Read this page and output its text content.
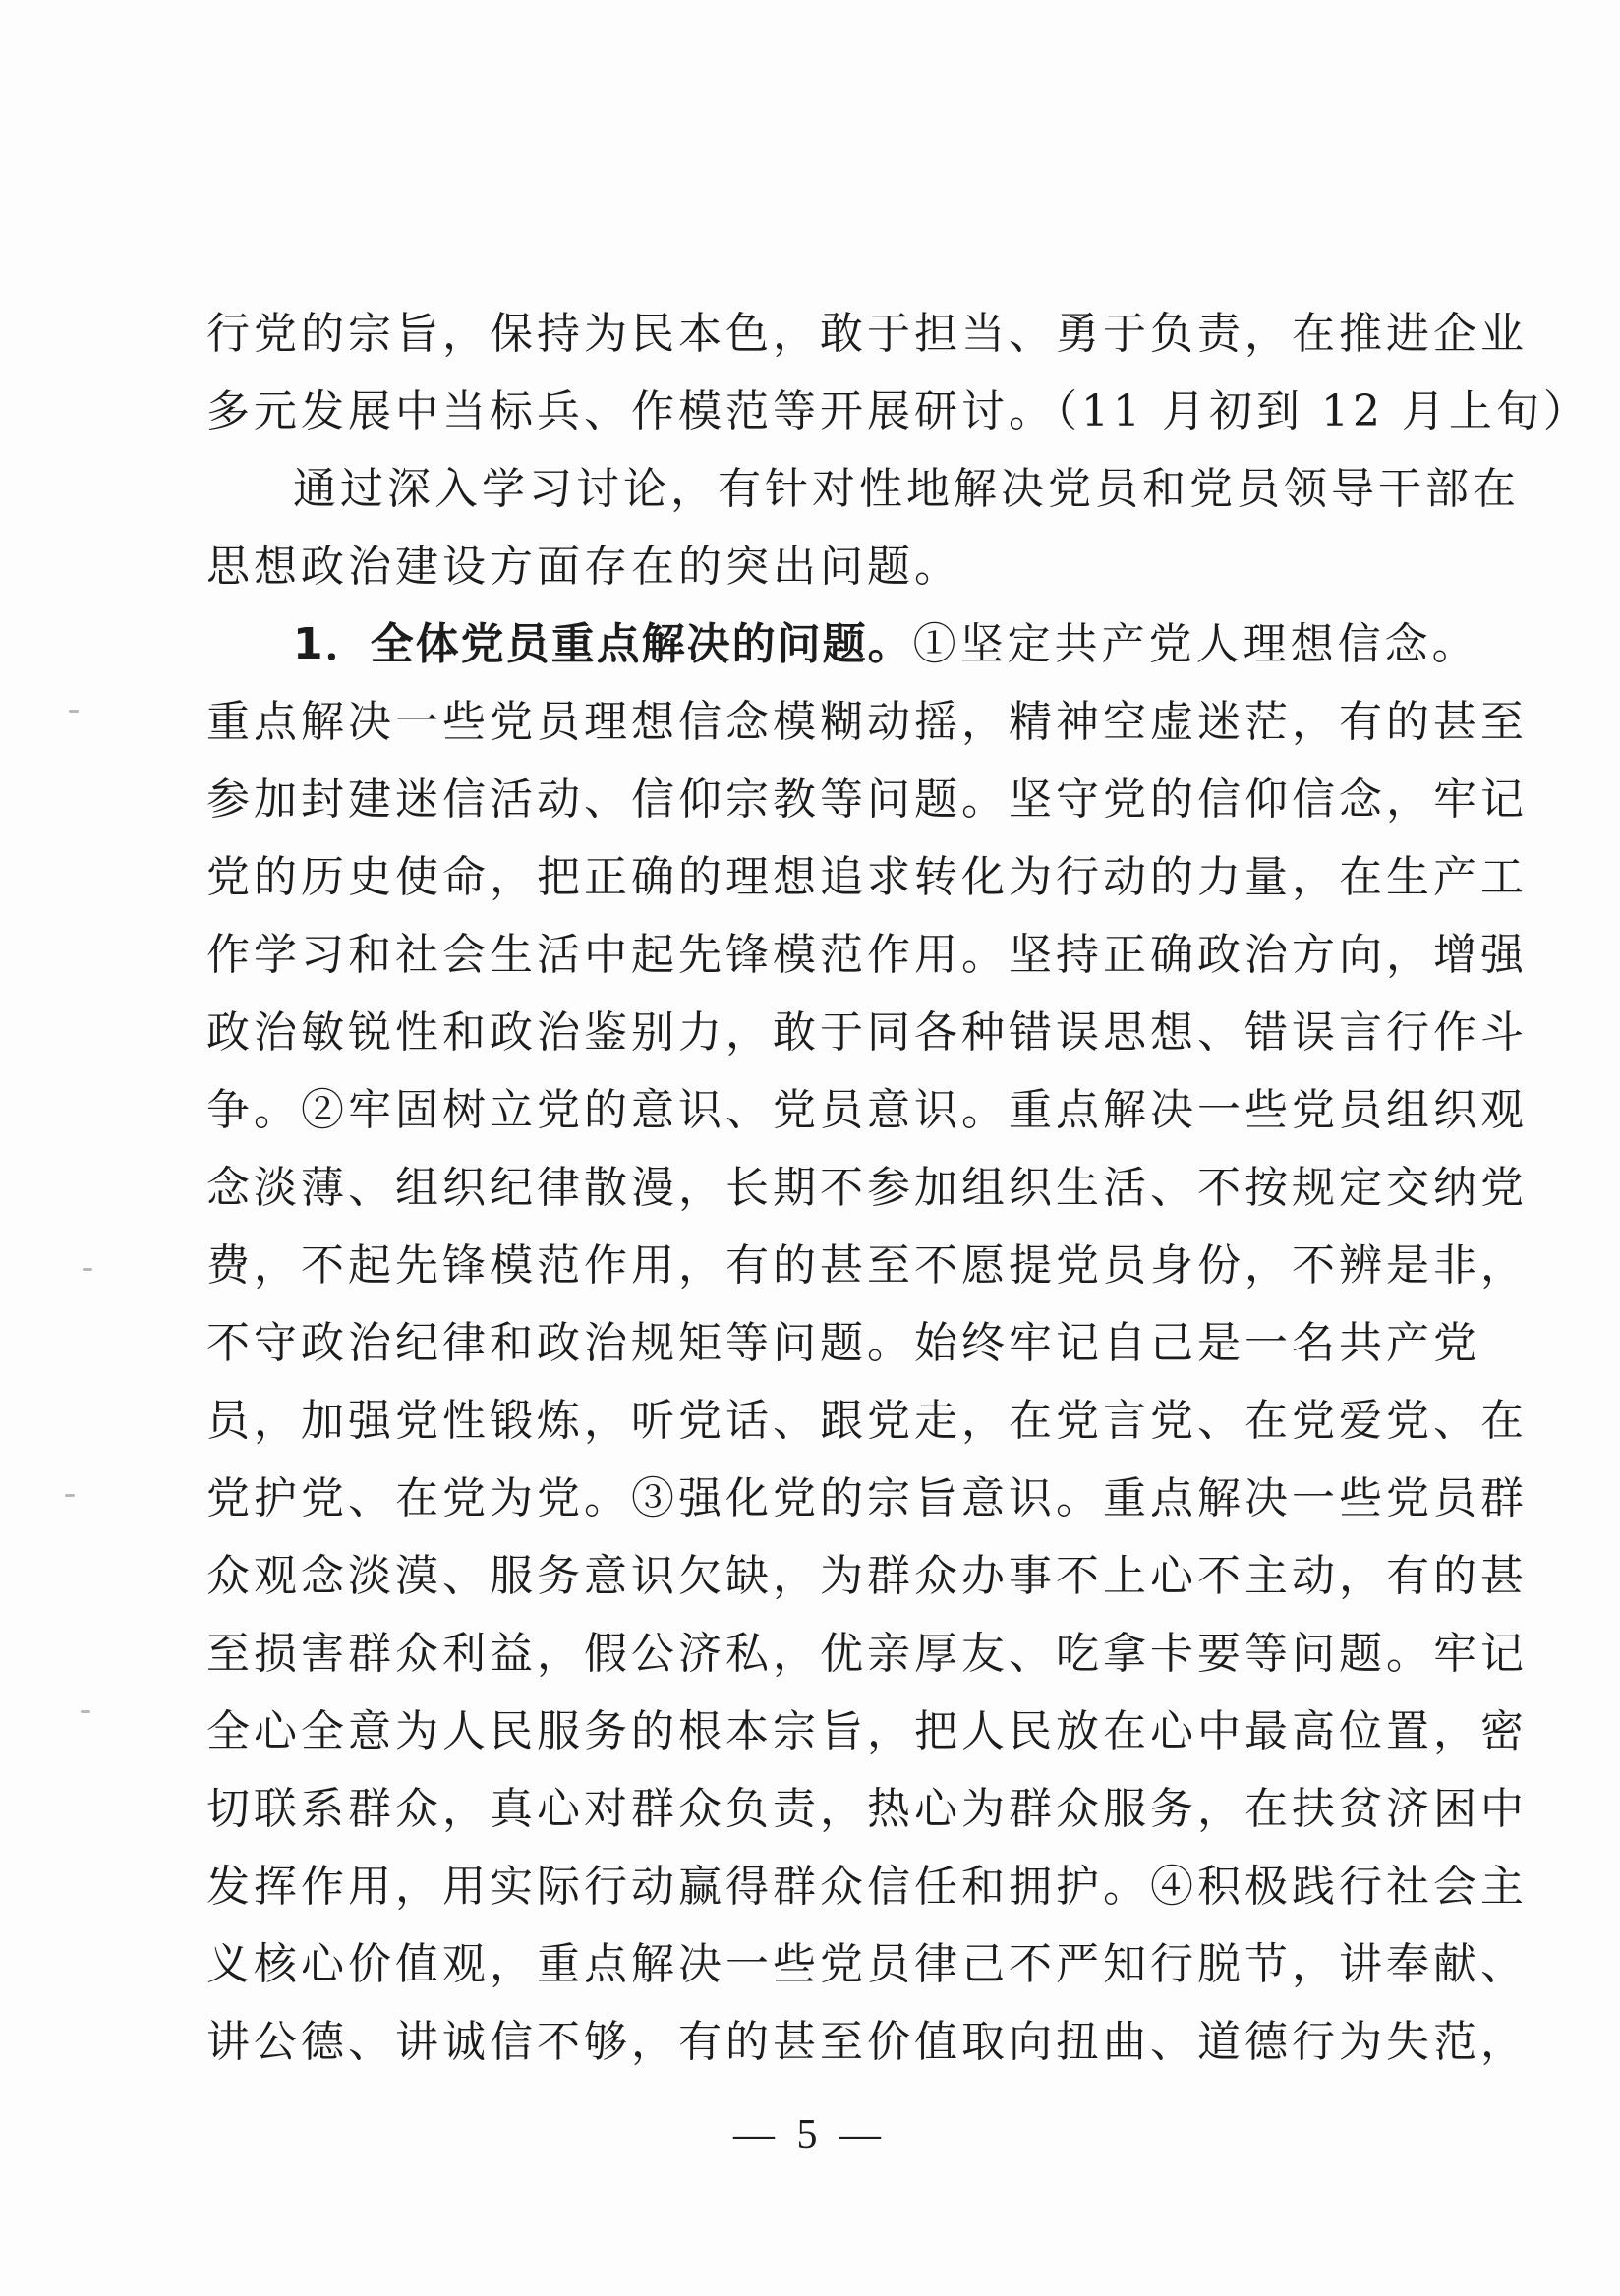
行党的宗旨，保持为民本色，敢于担当、勇于负责，在推进企业
多元发展中当标兵、作模范等开展研讨。（11 月初到 12 月上旬）
通过深入学习讨论，有针对性地解决党员和党员领导干部在
思想政治建设方面存在的突出问题。
1．全体党员重点解决的问题。①坚定共产党人理想信念。
重点解决一些党员理想信念模糊动摇，精神空虚迷茫，有的甚至
参加封建迷信活动、信仰宗教等问题。坚守党的信仰信念，牢记
党的历史使命，把正确的理想追求转化为行动的力量，在生产工
作学习和社会生活中起先锋模范作用。坚持正确政治方向，增强
政治敏锐性和政治鉴别力，敢于同各种错误思想、错误言行作斗
争。②牢固树立党的意识、党员意识。重点解决一些党员组织观
念淡薄、组织纪律散漫，长期不参加组织生活、不按规定交纳党
费，不起先锋模范作用，有的甚至不愿提党员身份，不辨是非，
不守政治纪律和政治规矩等问题。始终牢记自己是一名共产党
员，加强党性锻炼，听党话、跟党走，在党言党、在党爱党、在
党护党、在党为党。③强化党的宗旨意识。重点解决一些党员群
众观念淡漠、服务意识欠缺，为群众办事不上心不主动，有的甚
至损害群众利益，假公济私，优亲厚友、吃拿卡要等问题。牢记
全心全意为人民服务的根本宗旨，把人民放在心中最高位置，密
切联系群众，真心对群众负责，热心为群众服务，在扶贫济困中
发挥作用，用实际行动赢得群众信任和拥护。④积极践行社会主
义核心价值观，重点解决一些党员律己不严知行脱节，讲奉献、
讲公德、讲诚信不够，有的甚至价值取向扭曲、道德行为失范，
— 5 —
